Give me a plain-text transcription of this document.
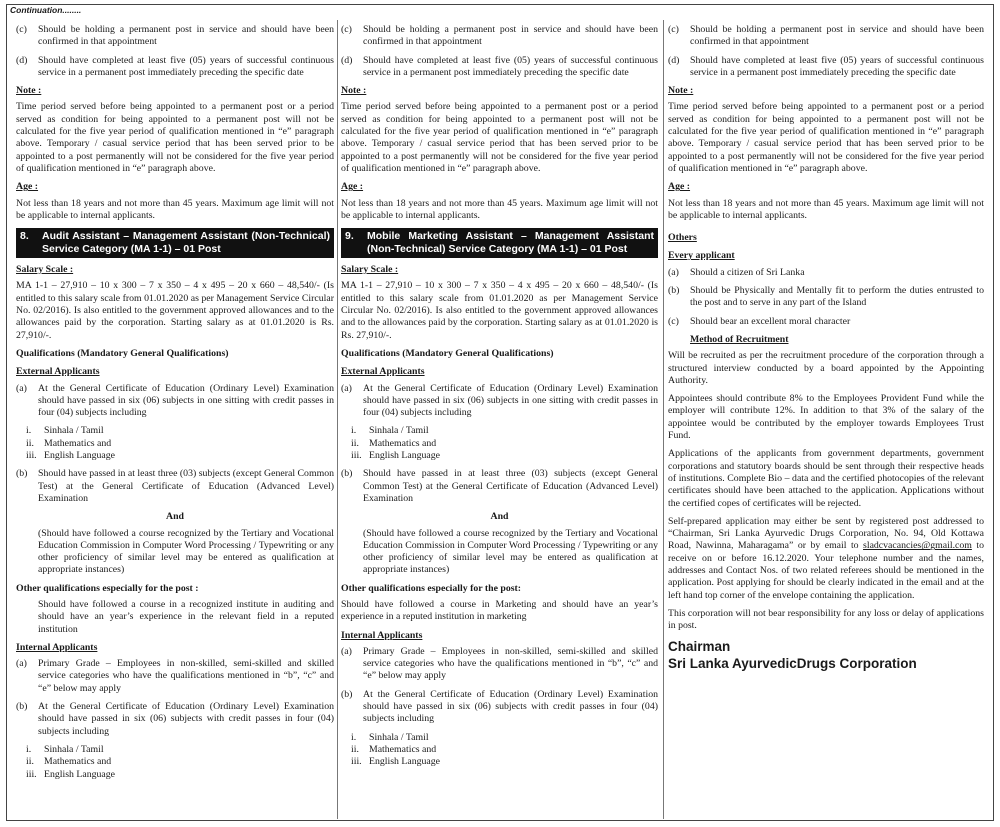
Continuation........
(c)	Should be holding a permanent post in service and should have been confirmed in that appointment
(d)	Should have completed at least five (05) years of successful continuous service in a permanent post immediately preceding the specific date
Note :

Time period served before being appointed to a permanent post or a period served as condition for being appointed to a permanent post will not be calculated for the five year period of qualification mentioned in “e” paragraph above. Temporary / casual service period that has been served prior to be appointed to a post permanently will not be considered for the five year period of qualification mentioned in “e” paragraph above.

Age :

Not less than 18 years and not more than 45 years. Maximum age limit will not be applicable to internal applicants.

8.	Audit Assistant – Management Assistant (Non-Technical) Service Category (MA 1-1) – 01 Post
Salary Scale :

MA 1-1 – 27,910 – 10 x 300 – 7 x 350 – 4 x 495 – 20 x 660 – 48,540/- (Is entitled to this salary scale from 01.01.2020 as per Management Service Circular No. 02/2016). Is also entitled to the government approved allowances and to the allowances paid by the corporation. Starting salary as at 01.01.2020 is Rs. 27,910/-.

Qualifications (Mandatory General Qualifications)
External Applicants
(a)	At the General Certificate of Education (Ordinary Level) Examination should have passed in six (06) subjects in one sitting with credit passes in four (04) subjects including
i.	Sinhala / Tamil
ii.	Mathematics and
iii. English Language
(b)	Should have passed in at least three (03) subjects (except General Common Test) at the General Certificate of Education (Advanced Level) Examination
And

(Should have followed a course recognized by the Tertiary and Vocational Education Commission in Computer Word Processing / Typewriting or any other proficiency of similar level may be entered as qualification at appropriate instances)

Other qualifications especially for the post :

Should have followed a course in a recognized institute in auditing and should have an year’s experience in the relevant field in a reputed institution

Internal Applicants
(a)	Primary Grade – Employees in non-skilled, semi-skilled and skilled service categories who have the qualifications mentioned in “b”, “c” and “e” below may apply
(b)	At the General Certificate of Education (Ordinary Level) Examination should have passed in six (06) subjects with credit passes in four (04) subjects including
i.	Sinhala / Tamil
ii.	Mathematics and
iii. English Language
(c)	Should be holding a permanent post in service and should have been confirmed in that appointment
(d)	Should have completed at least five (05) years of successful continuous service in a permanent post immediately preceding the specific date
Note :

Time period served before being appointed to a permanent post or a period served as condition for being appointed to a permanent post will not be calculated for the five year period of qualification mentioned in “e” paragraph above. Temporary / casual service period that has been served prior to be appointed to a post permanently will not be considered for the five year period of qualification mentioned in “e” paragraph above.

Age :

Not less than 18 years and not more than 45 years. Maximum age limit will not be applicable to internal applicants.

9.	Mobile Marketing Assistant – Management Assistant (Non-Technical) Service Category (MA 1-1) – 01 Post
Salary Scale :

MA 1-1 – 27,910 – 10 x 300 – 7 x 350 – 4 x 495 – 20 x 660 – 48,540/- (Is entitled to this salary scale from 01.01.2020 as per Management Service Circular No. 02/2016). Is also entitled to the government approved allowances and to the allowances paid by the corporation. Starting salary as at 01.01.2020 is Rs. 27,910/-.

Qualifications (Mandatory General Qualifications)
External Applicants
(a)	At the General Certificate of Education (Ordinary Level) Examination should have passed in six (06) subjects in one sitting with credit passes in four (04) subjects including
i.	Sinhala / Tamil
ii.	Mathematics and
iii. English Language
(b)	Should have passed in at least three (03) subjects (except General Common Test) at the General Certificate of Education (Advanced Level) Examination
And

(Should have followed a course recognized by the Tertiary and Vocational Education Commission in Computer Word Processing / Typewriting or any other proficiency of similar level may be entered as qualification at appropriate instances)

Other qualifications especially for the post:

Should have followed a course in Marketing and should have an year’s experience in a reputed institution in marketing

Internal Applicants
(a)	Primary Grade – Employees in non-skilled, semi-skilled and skilled service categories who have the qualifications mentioned in “b”, “c” and “e” below may apply
(b)	At the General Certificate of Education (Ordinary Level) Examination should have passed in six (06) subjects with credit passes in four (04) subjects including
i.	Sinhala / Tamil
ii.	Mathematics and
iii. English Language
(c)	Should be holding a permanent post in service and should have been confirmed in that appointment
(d)	Should have completed at least five (05) years of successful continuous service in a permanent post immediately preceding the specific date
Note :

Time period served before being appointed to a permanent post or a period served as condition for being appointed to a permanent post will not be calculated for the five year period of qualification mentioned in “e” paragraph above. Temporary / casual service period that has been served prior to be appointed to a post permanently will not be considered for the five year period of qualification mentioned in “e” paragraph above.

Age :

Not less than 18 years and not more than 45 years. Maximum age limit will not be applicable to internal applicants.

Others
Every applicant
(a)	Should a citizen of Sri Lanka
(b)	Should be Physically and Mentally fit to perform the duties entrusted to the post and to serve in any part of the Island
(c)	Should bear an excellent moral character
Method of Recruitment

Will be recruited as per the recruitment procedure of the corporation through a structured interview conducted by a board appointed by the Appointing Authority.

Appointees should contribute 8% to the Employees Provident Fund while the employer will contribute 12%. In addition to that 3% of the salary of the appointee would be contributed by the employer towards Employees Trust Fund.

Applications of the applicants from government departments, government corporations and statutory boards should be sent through their respective heads of institutions. Complete Bio – data and the certified photocopies of the relevant certificates should have been attached to the application. Applications without the certified copes of certificates will be rejected.

Self-prepared application may either be sent by registered post addressed to “Chairman, Sri Lanka Ayurvedic Drugs Corporation, No. 94, Old Kottawa Road, Nawinna, Maharagama” or by email to sladcvacancies@gmail.com to receive on or before 16.12.2020. Your telephone number and the names, addresses and Contact Nos. of two related referees should be mentioned in the application. Post applying for should be clearly indicated in the email and at the left hand top corner of the envelope containing the application.

This corporation will not bear responsibility for any loss or delay of applications in post.

Chairman
Sri Lanka AyurvedicDrugs Corporation
